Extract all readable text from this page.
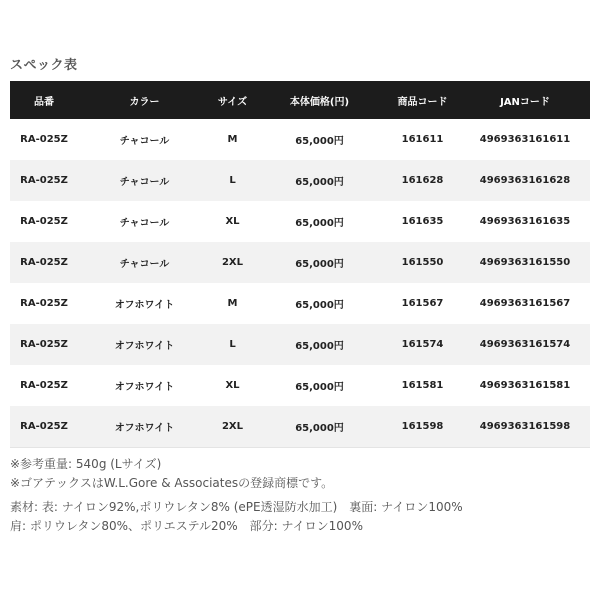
スペック表
品番	カラー	サイズ	本体価格(円)	商品コード	JANコード
RA-025Z	チャコール	M	65,000円	161611	4969363161611
RA-025Z	チャコール	L	65,000円	161628	4969363161628
RA-025Z	チャコール	XL	65,000円	161635	4969363161635
RA-025Z	チャコール	2XL	65,000円	161550	4969363161550
RA-025Z	オフホワイト	M	65,000円	161567	4969363161567
RA-025Z	オフホワイト	L	65,000円	161574	4969363161574
RA-025Z	オフホワイト	XL	65,000円	161581	4969363161581
RA-025Z	オフホワイト	2XL	65,000円	161598	4969363161598
※参考重量: 540g (Lサイズ)
※ゴアテックスはW.L.Gore & Associatesの登録商標です。
素材: 表: ナイロン92%,ポリウレタン8% (ePE透湿防水加工)　裏面: ナイロン100%
肩: ポリウレタン80%、ポリエステル20%　部分: ナイロン100%
